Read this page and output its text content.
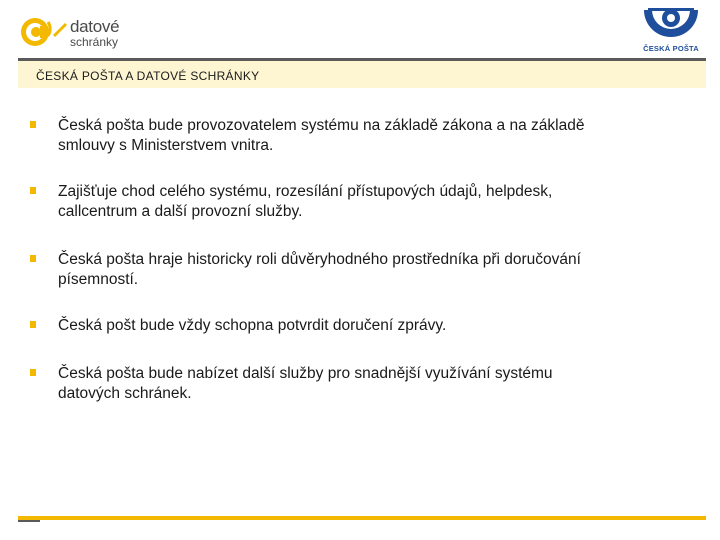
datové
schránky	ČESKÁ POŠTA
ČESKÁ POŠTA A DATOVÉ SCHRÁNKY
Česká pošta bude provozovatelem systému na základě zákona a na základě
smlouvy s Ministerstvem vnitra.
Zajišťuje chod celého systému, rozesílání přístupových údajů, helpdesk,
callcentrum a další provozní služby.
Česká pošta hraje historicky roli důvěryhodného prostředníka při doručování
písemností.
Česká pošt bude vždy schopna potvrdit doručení zprávy.
Česká pošta bude nabízet další služby pro snadnější využívání systému
datových schránek.
